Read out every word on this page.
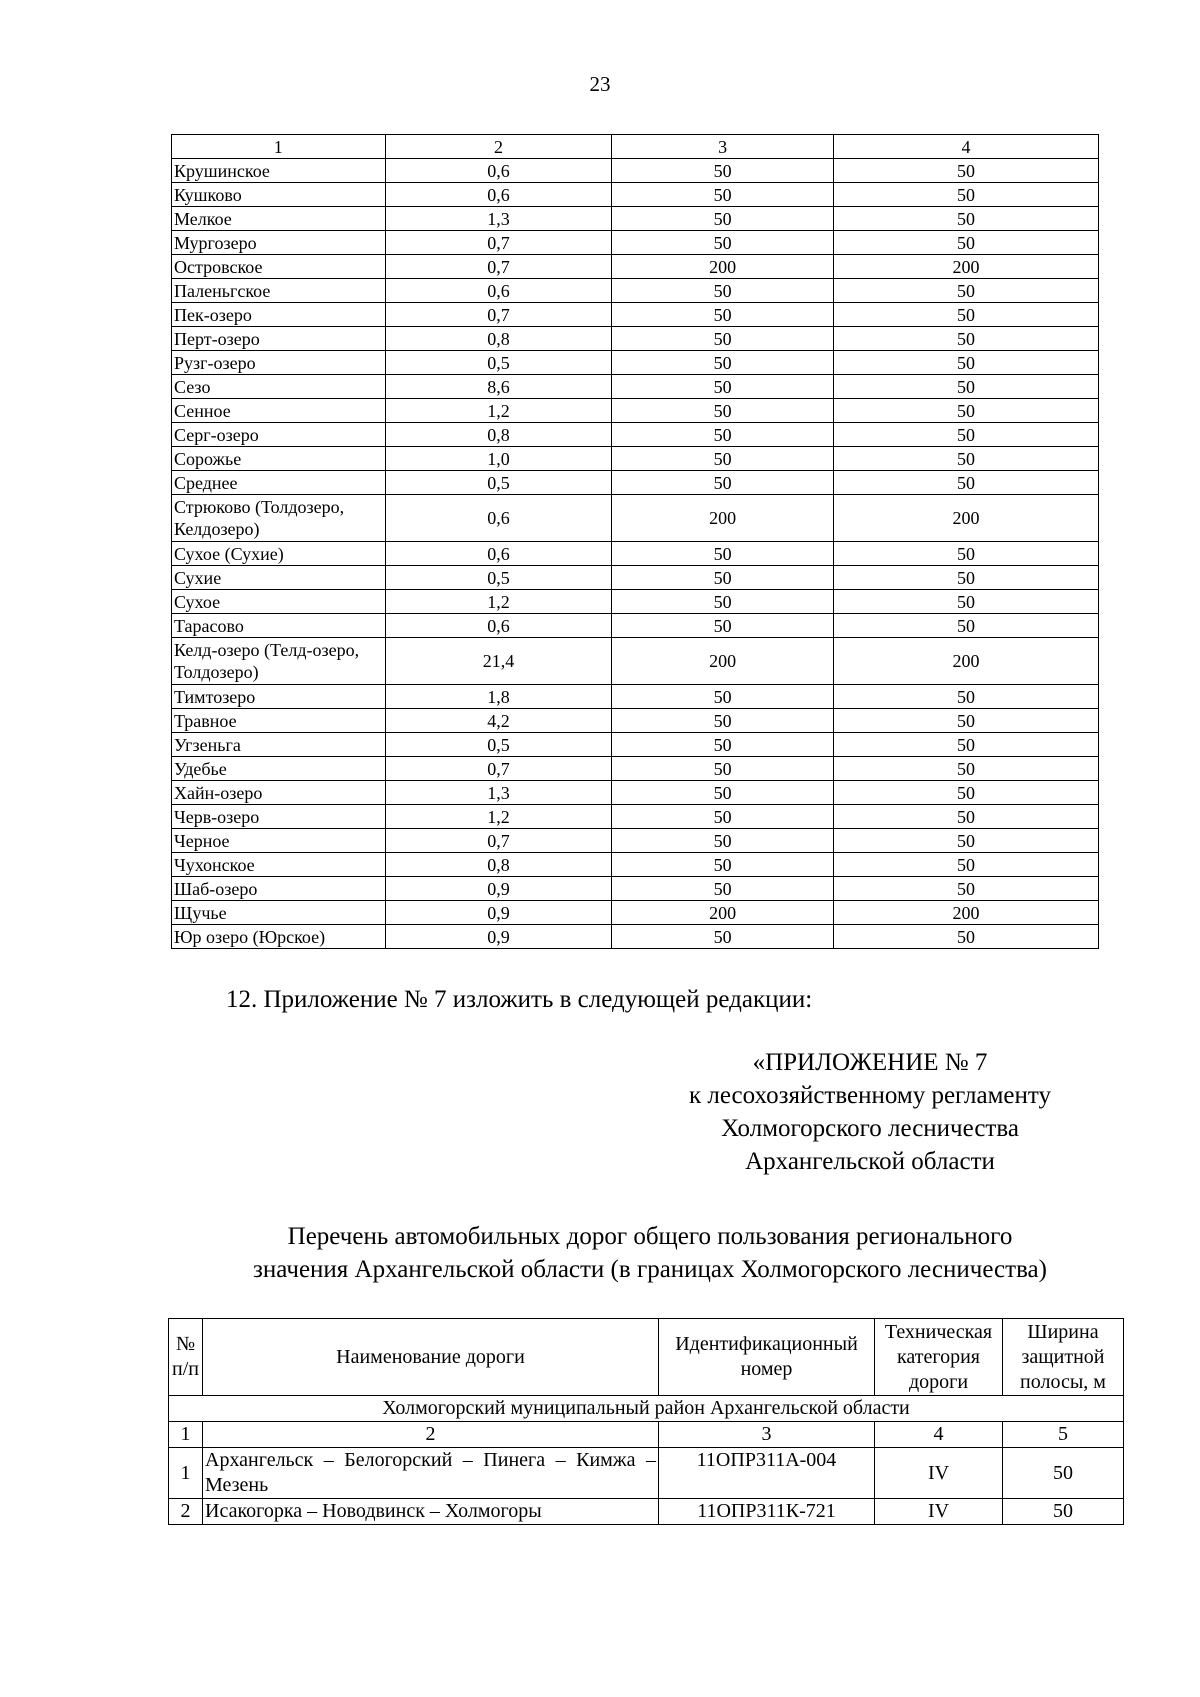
23
1	2	3	4
Крушинское	0,6	50	50
Кушково	0,6	50	50
Мелкое	1,3	50	50
Мургозеро	0,7	50	50
Островское	0,7	200	200
Паленьгское	0,6	50	50
Пек-озеро	0,7	50	50
Перт-озеро	0,8	50	50
Рузг-озеро	0,5	50	50
Сезо	8,6	50	50
Сенное	1,2	50	50
Серг-озеро	0,8	50	50
Сорожье	1,0	50	50
Среднее	0,5	50	50
Стрюково (Толдозеро, Келдозеро)	0,6	200	200
Сухое (Сухие)	0,6	50	50
Сухие	0,5	50	50
Сухое	1,2	50	50
Тарасово	0,6	50	50
Келд-озеро (Телд-озеро, Толдозеро)	21,4	200	200
Тимтозеро	1,8	50	50
Травное	4,2	50	50
Угзеньга	0,5	50	50
Удебье	0,7	50	50
Хайн-озеро	1,3	50	50
Черв-озеро	1,2	50	50
Черное	0,7	50	50
Чухонское	0,8	50	50
Шаб-озеро	0,9	50	50
Щучье	0,9	200	200
Юр озеро (Юрское)	0,9	50	50
12. Приложение № 7 изложить в следующей редакции:
«ПРИЛОЖЕНИЕ № 7
к лесохозяйственному регламенту
Холмогорского лесничества
Архангельской области
Перечень автомобильных дорог общего пользования регионального
значения Архангельской области (в границах Холмогорского лесничества)
№ п/п	Наименование дороги	Идентификационный номер	Техническая категория дороги	Ширина защитной полосы, м
Холмогорский муниципальный район Архангельской области				
1	2	3	4	5
1	Архангельск – Белогорский – Пинега – Кимжа – Мезень	11ОПР311А-004	IV	50
2	Исакогорка – Новодвинск – Холмогоры	11ОПР311К-721	IV	50
